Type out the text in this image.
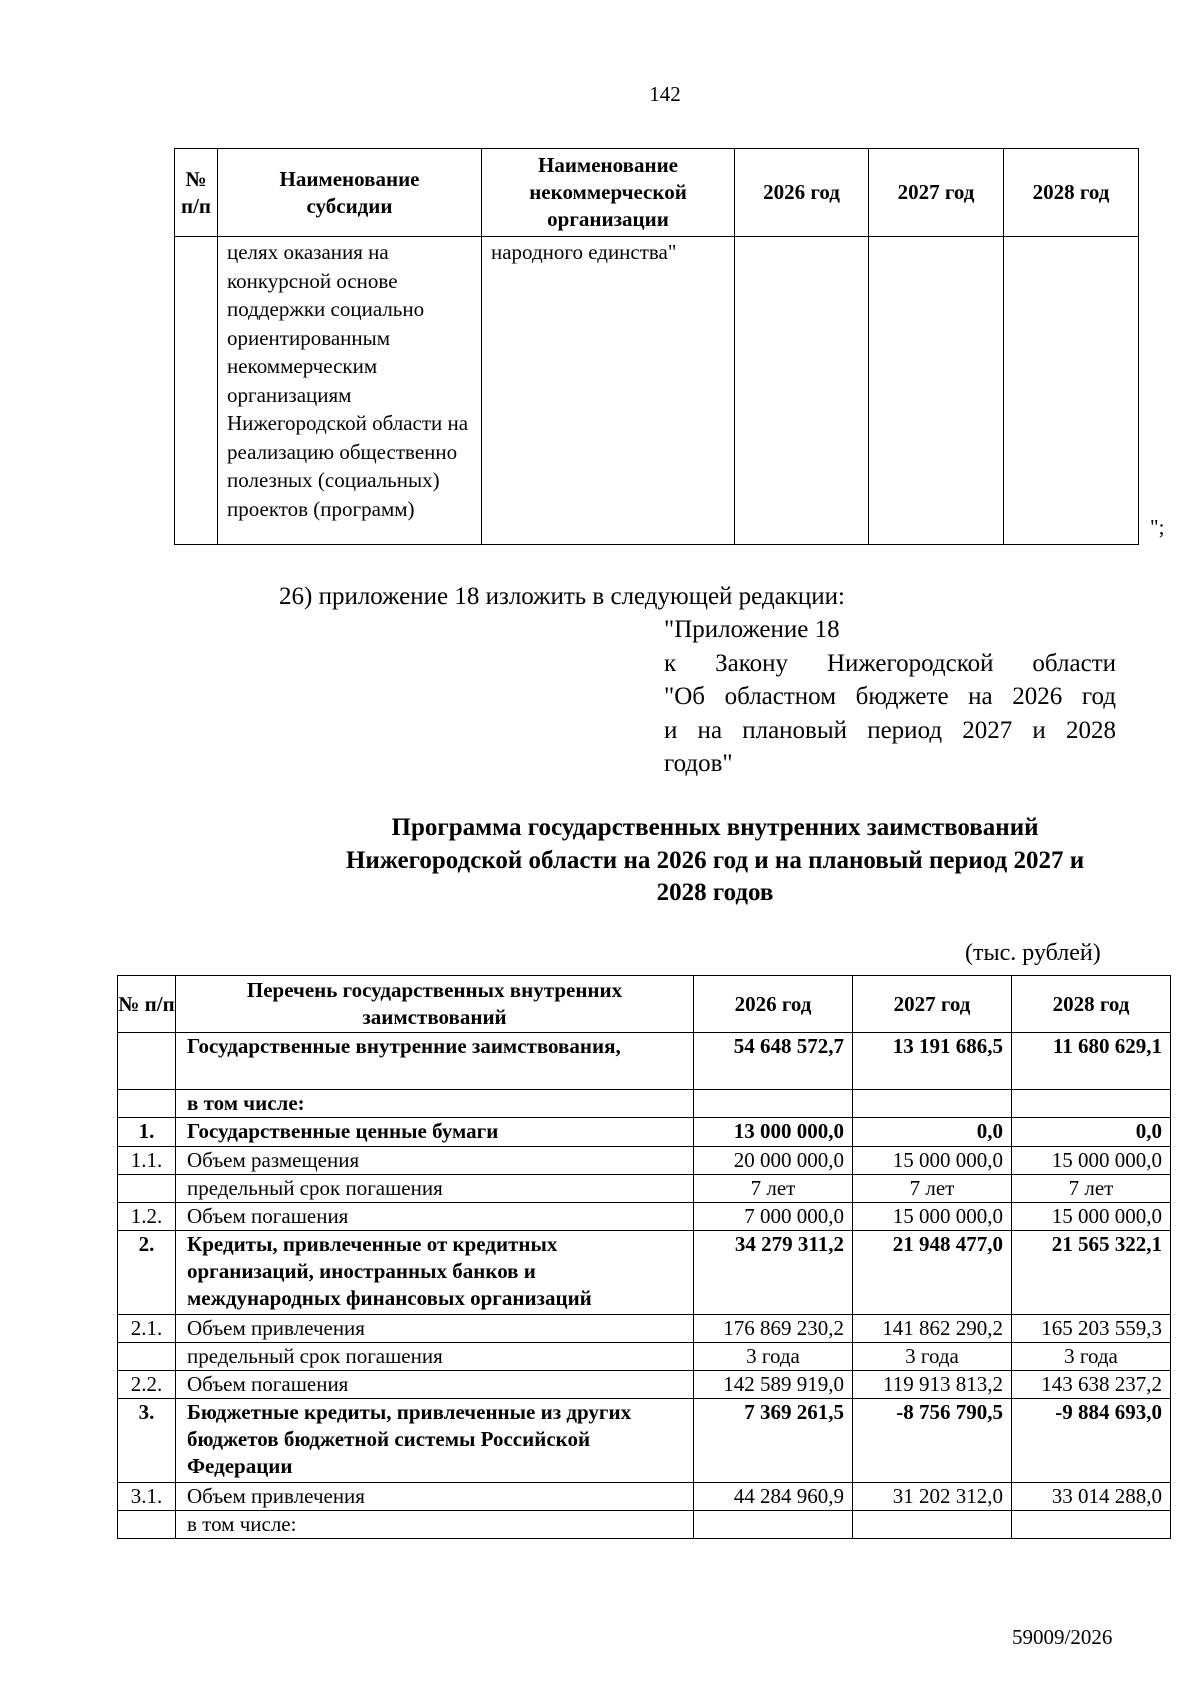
142
№ п/п	Наименование субсидии	Наименование некоммерческой организации	2026 год	2027 год	2028 год
	целях оказания на конкурсной основе поддержки социально ориентированным некоммерческим организациям Нижегородской области на реализацию общественно полезных (социальных) проектов (программ)	народного единства"			
";
26) приложение 18 изложить в следующей редакции:
"Приложение 18
к Закону Нижегородской области
"Об областном бюджете на 2026 год
и на плановый период 2027 и 2028
годов"
Программа государственных внутренних заимствований
Нижегородской области на 2026 год и на плановый период 2027 и
2028 годов
(тыс. рублей)
№ п/п	Перечень государственных внутренних заимствований	2026 год	2027 год	2028 год
	Государственные внутренние заимствования,	54 648 572,7	13 191 686,5	11 680 629,1
	в том числе:			
1.	Государственные ценные бумаги	13 000 000,0	0,0	0,0
1.1.	Объем размещения	20 000 000,0	15 000 000,0	15 000 000,0
	предельный срок погашения	7 лет	7 лет	7 лет
1.2.	Объем погашения	7 000 000,0	15 000 000,0	15 000 000,0
2.	Кредиты, привлеченные от кредитных организаций, иностранных банков и международных финансовых организаций	34 279 311,2	21 948 477,0	21 565 322,1
2.1.	Объем привлечения	176 869 230,2	141 862 290,2	165 203 559,3
	предельный срок погашения	3 года	3 года	3 года
2.2.	Объем погашения	142 589 919,0	119 913 813,2	143 638 237,2
3.	Бюджетные кредиты, привлеченные из других бюджетов бюджетной системы Российской Федерации	7 369 261,5	-8 756 790,5	-9 884 693,0
3.1.	Объем привлечения	44 284 960,9	31 202 312,0	33 014 288,0
	в том числе:			
59009/2026
